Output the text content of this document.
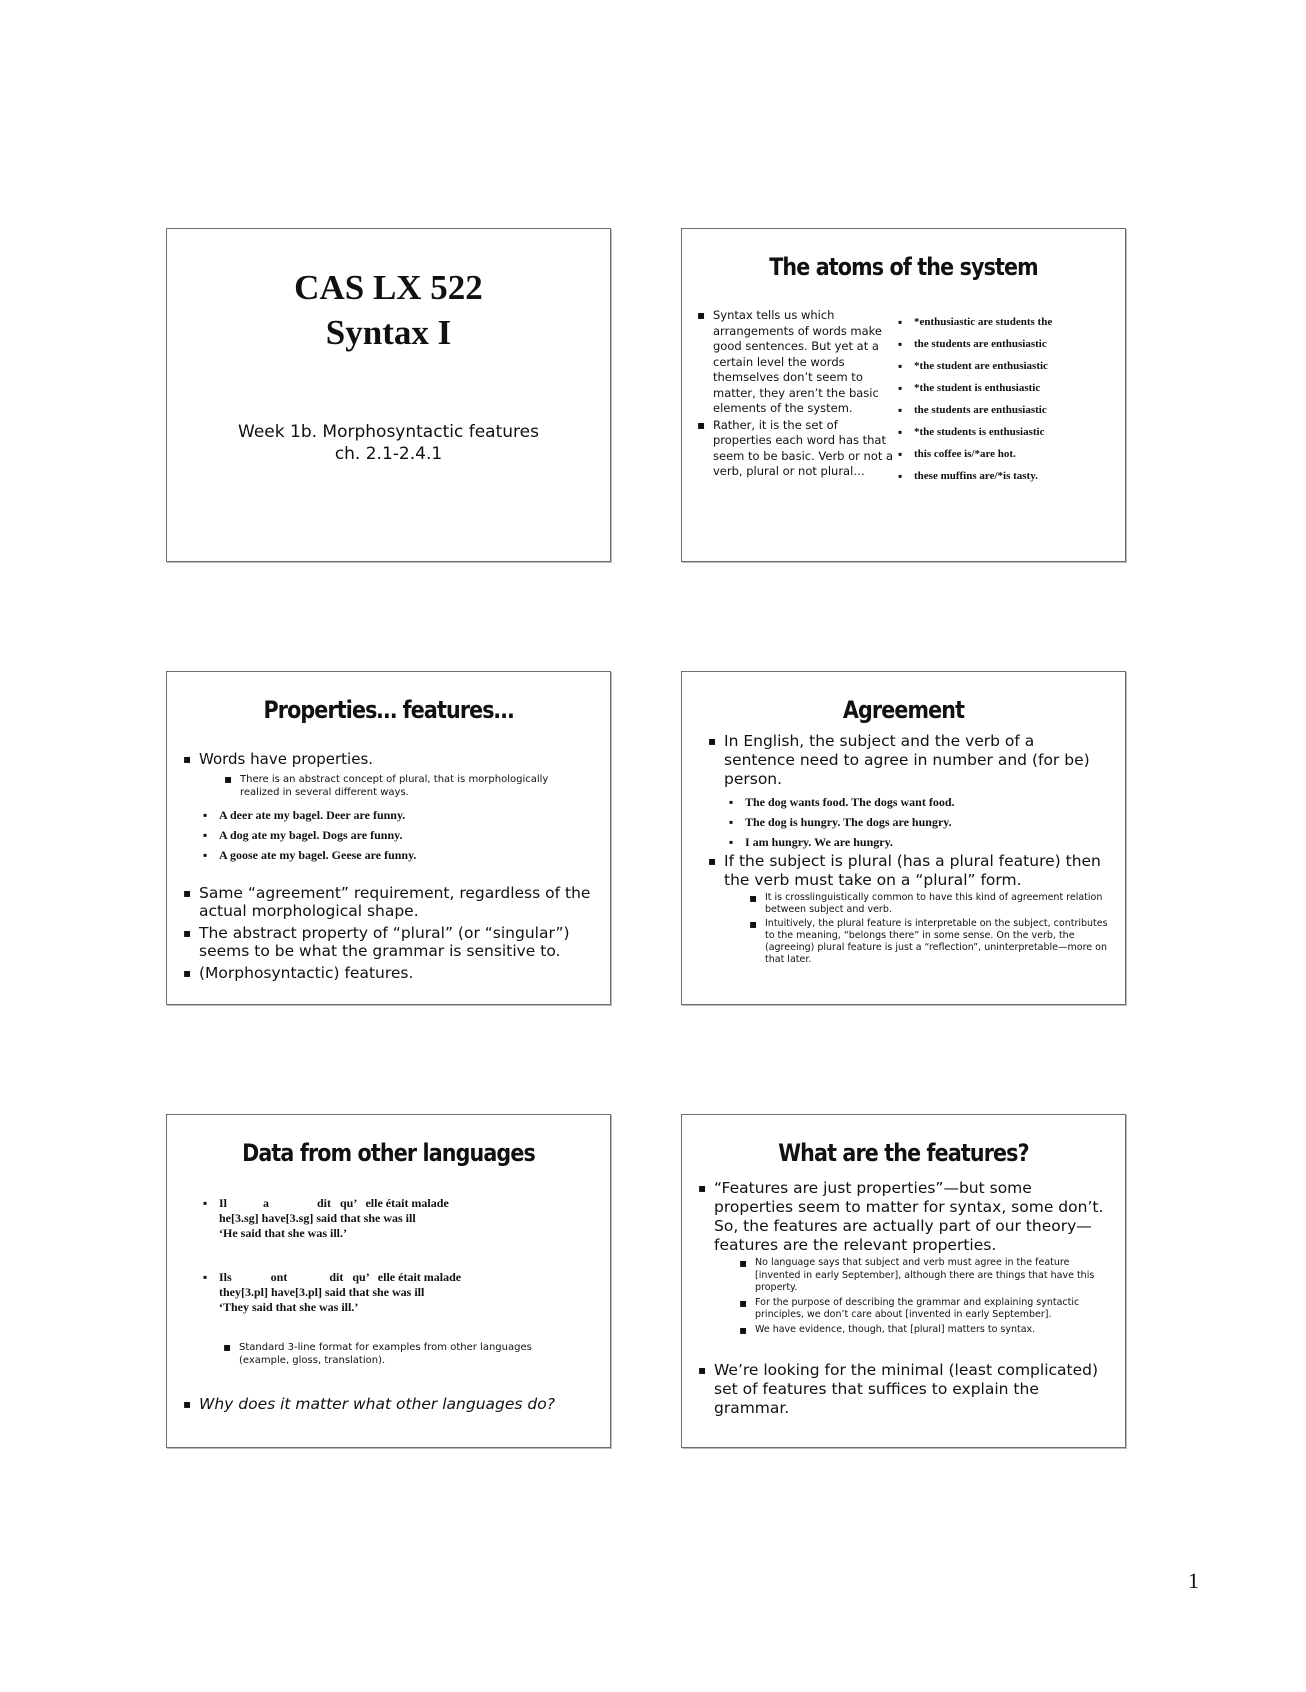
CAS LX 522
Syntax I
Week 1b. Morphosyntactic features
ch. 2.1-2.4.1
The atoms of the system
▪ Syntax tells us which arrangements of words make good sentences. But yet at a certain level the words themselves don’t seem to matter, they aren’t the basic elements of the system.
▪ Rather, it is the set of properties each word has that seem to be basic. Verb or not a verb, plural or not plural…
▪ *enthusiastic are students the
▪ the students are enthusiastic
▪ *the student are enthusiastic
▪ *the student is enthusiastic
▪ the students are enthusiastic
▪ *the students is enthusiastic
▪ this coffee is/*are hot.
▪ these muffins are/*is tasty.
Properties… features…
▪ Words have properties.
▪ There is an abstract concept of plural, that is morphologically realized in several different ways.
▪ A deer ate my bagel. Deer are funny.
▪ A dog ate my bagel. Dogs are funny.
▪ A goose ate my bagel. Geese are funny.
▪ Same “agreement” requirement, regardless of the actual morphological shape.
▪ The abstract property of “plural” (or “singular”) seems to be what the grammar is sensitive to.
▪ (Morphosyntactic) features.
Agreement
▪ In English, the subject and the verb of a sentence need to agree in number and (for be) person.
▪ The dog wants food. The dogs want food.
▪ The dog is hungry. The dogs are hungry.
▪ I am hungry. We are hungry.
▪ If the subject is plural (has a plural feature) then the verb must take on a “plural” form.
▪ It is crosslinguistically common to have this kind of agreement relation between subject and verb.
▪ Intuitively, the plural feature is interpretable on the subject, contributes to the meaning, “belongs there” in some sense. On the verb, the (agreeing) plural feature is just a “reflection”, uninterpretable—more on that later.
Data from other languages
▪ Il            a                dit   qu’   elle était malade
he[3.sg] have[3.sg] said that she was ill
‘He said that she was ill.’
▪ Ils             ont              dit   qu’   elle était malade
they[3.pl] have[3.pl] said that she was ill
‘They said that she was ill.’
▪ Standard 3-line format for examples from other languages (example, gloss, translation).
▪ Why does it matter what other languages do?
What are the features?
▪ “Features are just properties”—but some properties seem to matter for syntax, some don’t. So, the features are actually part of our theory—features are the relevant properties.
▪ No language says that subject and verb must agree in the feature [invented in early September], although there are things that have this property.
▪ For the purpose of describing the grammar and explaining syntactic principles, we don’t care about [invented in early September].
▪ We have evidence, though, that [plural] matters to syntax.
▪ We’re looking for the minimal (least complicated) set of features that suffices to explain the grammar.
1
